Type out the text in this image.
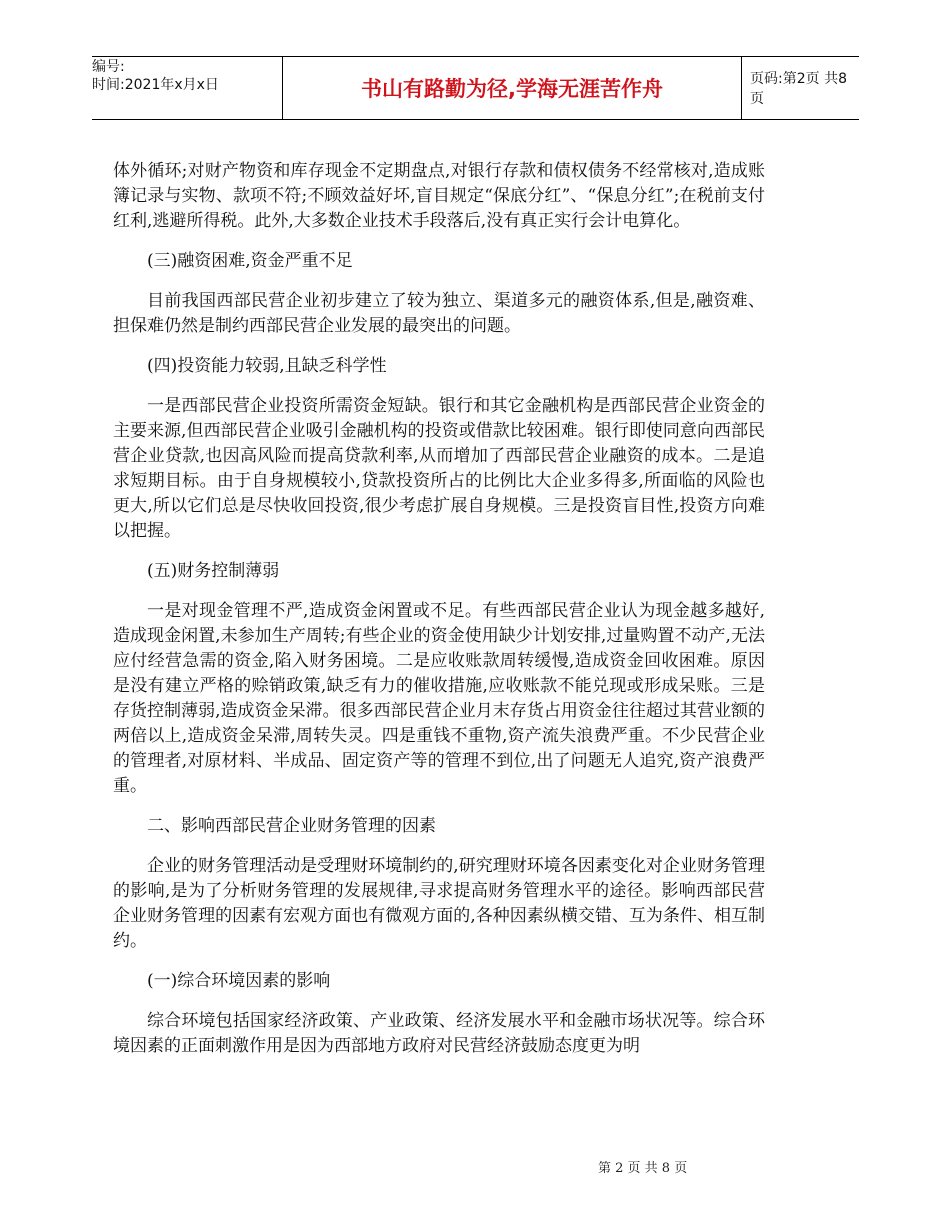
编号:
时间:2021年x月x日	书山有路勤为径,学海无涯苦作舟	页码:第2页 共8页

体外循环;对财产物资和库存现金不定期盘点,对银行存款和债权债务不经常核对,造成账簿记录与实物、款项不符;不顾效益好坏,盲目规定“保底分红”、“保息分红”;在税前支付红利,逃避所得税。此外,大多数企业技术手段落后,没有真正实行会计电算化。

(三)融资困难,资金严重不足

目前我国西部民营企业初步建立了较为独立、渠道多元的融资体系,但是,融资难、担保难仍然是制约西部民营企业发展的最突出的问题。

(四)投资能力较弱,且缺乏科学性

一是西部民营企业投资所需资金短缺。银行和其它金融机构是西部民营企业资金的主要来源,但西部民营企业吸引金融机构的投资或借款比较困难。银行即使同意向西部民营企业贷款,也因高风险而提高贷款利率,从而增加了西部民营企业融资的成本。二是追求短期目标。由于自身规模较小,贷款投资所占的比例比大企业多得多,所面临的风险也更大,所以它们总是尽快收回投资,很少考虑扩展自身规模。三是投资盲目性,投资方向难以把握。

(五)财务控制薄弱

一是对现金管理不严,造成资金闲置或不足。有些西部民营企业认为现金越多越好,造成现金闲置,未参加生产周转;有些企业的资金使用缺少计划安排,过量购置不动产,无法应付经营急需的资金,陷入财务困境。二是应收账款周转缓慢,造成资金回收困难。原因是没有建立严格的赊销政策,缺乏有力的催收措施,应收账款不能兑现或形成呆账。三是存货控制薄弱,造成资金呆滞。很多西部民营企业月末存货占用资金往往超过其营业额的两倍以上,造成资金呆滞,周转失灵。四是重钱不重物,资产流失浪费严重。不少民营企业的管理者,对原材料、半成品、固定资产等的管理不到位,出了问题无人追究,资产浪费严重。

二、影响西部民营企业财务管理的因素

企业的财务管理活动是受理财环境制约的,研究理财环境各因素变化对企业财务管理的影响,是为了分析财务管理的发展规律,寻求提高财务管理水平的途径。影响西部民营企业财务管理的因素有宏观方面也有微观方面的,各种因素纵横交错、互为条件、相互制约。

(一)综合环境因素的影响

综合环境包括国家经济政策、产业政策、经济发展水平和金融市场状况等。综合环境因素的正面刺激作用是因为西部地方政府对民营经济鼓励态度更为明

第 2 页 共 8 页
